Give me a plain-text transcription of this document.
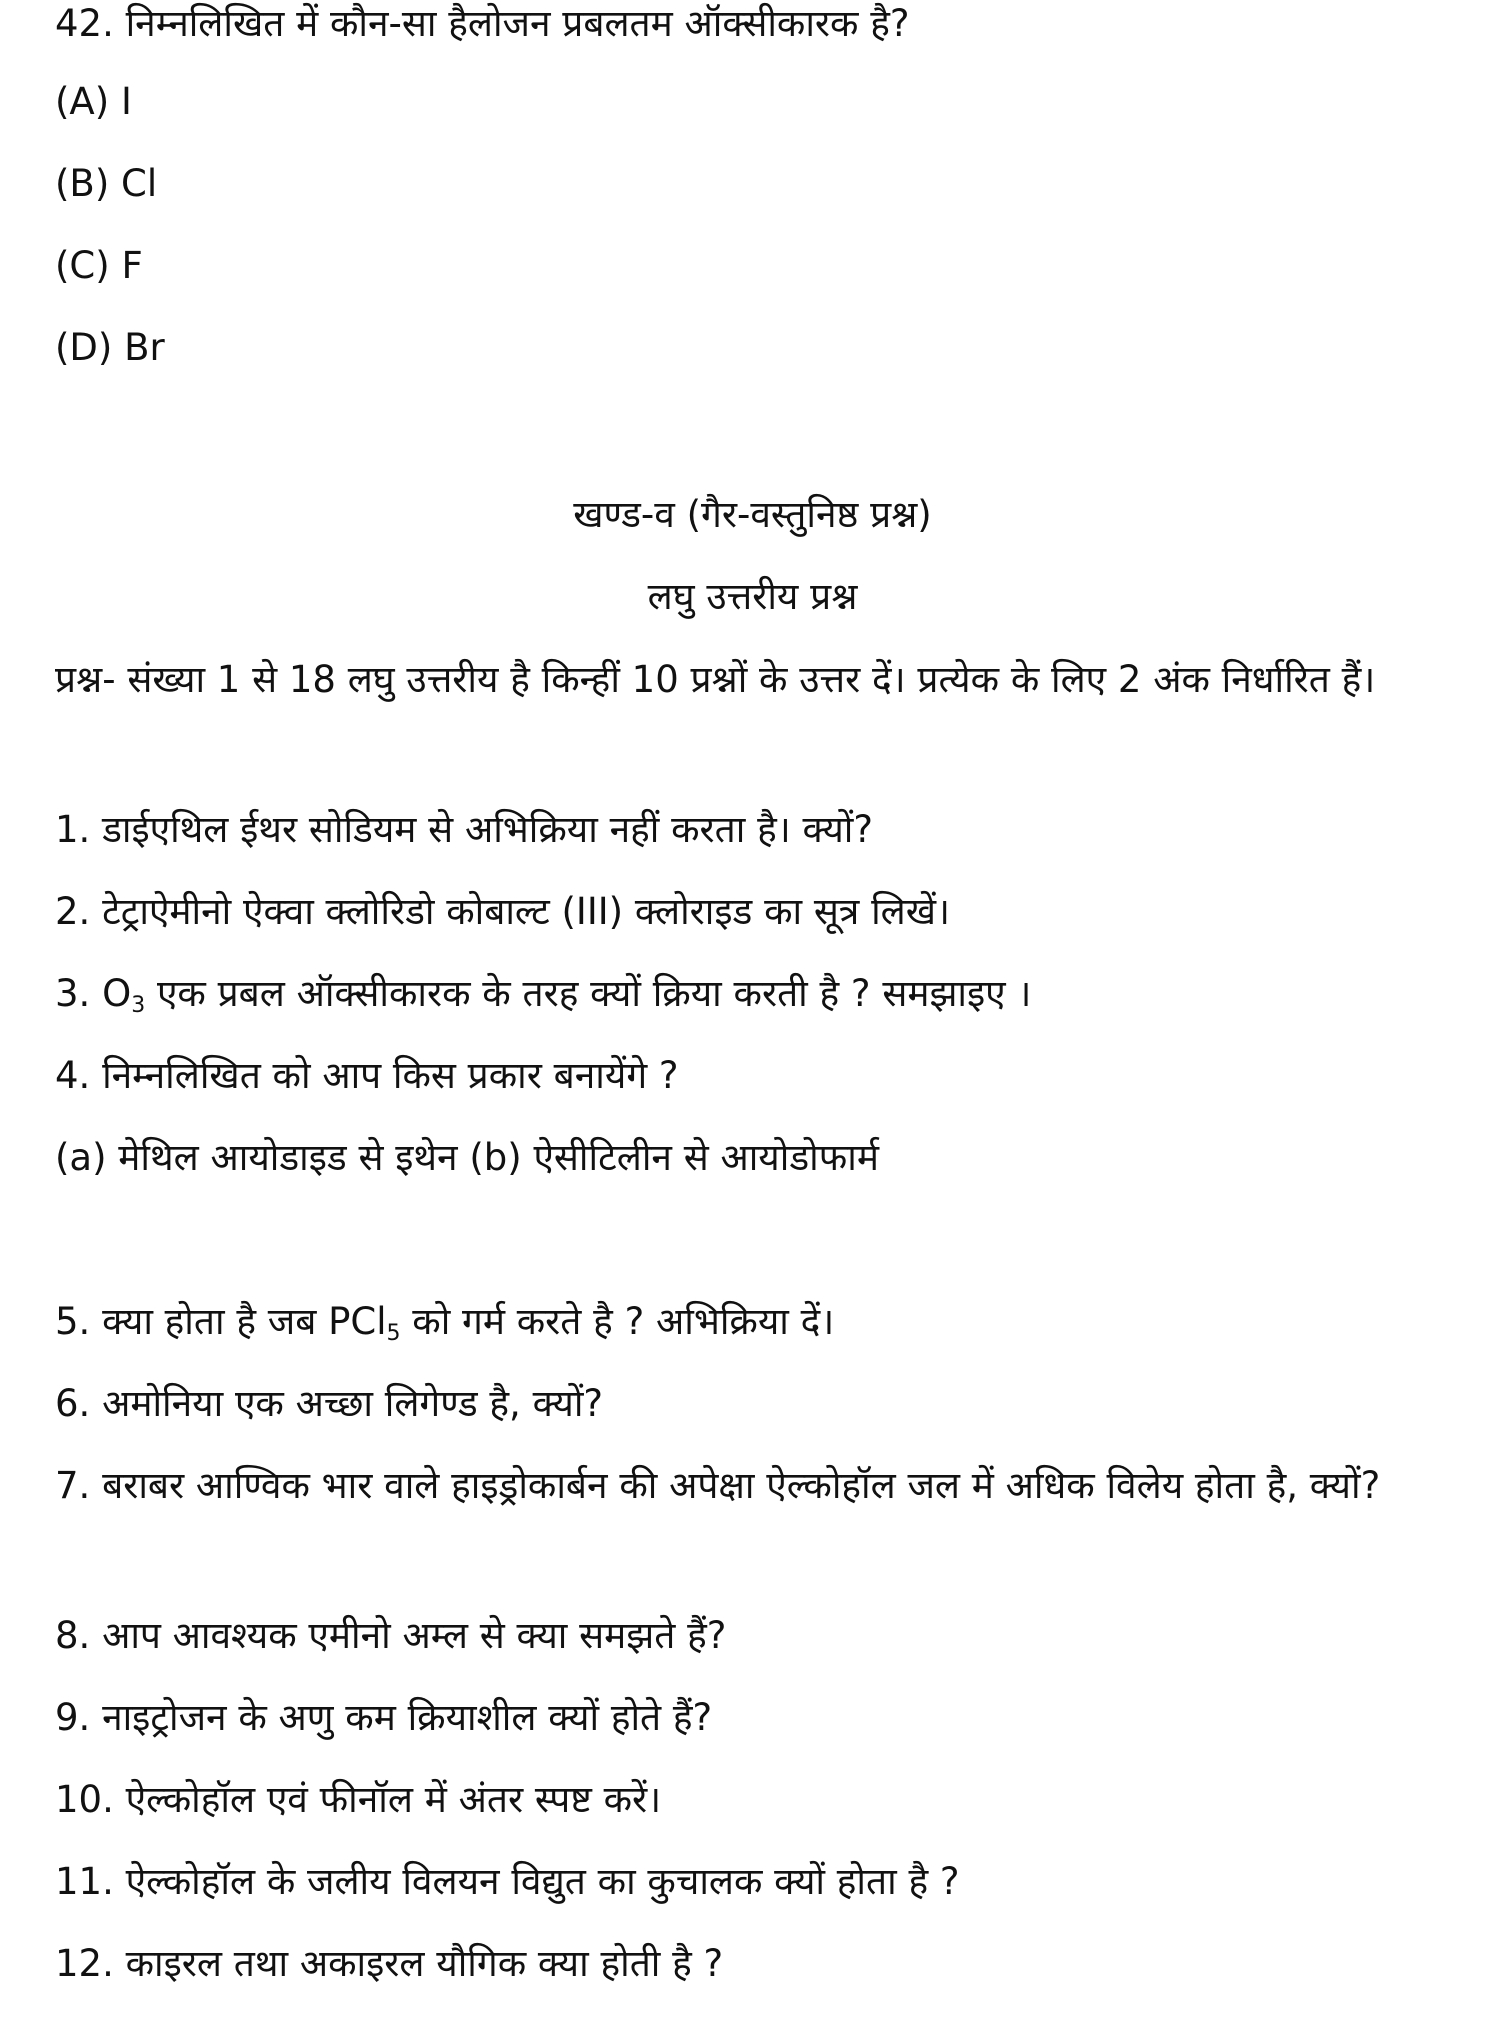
42. निम्नलिखित में कौन-सा हैलोजन प्रबलतम ऑक्सीकारक है?
(A) I
(B) Cl
(C) F
(D) Br
खण्ड-व (गैर-वस्तुनिष्ठ प्रश्न)
लघु उत्तरीय प्रश्न
प्रश्न- संख्या 1 से 18 लघु उत्तरीय है किन्हीं 10 प्रश्नों के उत्तर दें। प्रत्येक के लिए 2 अंक निर्धारित हैं।
1. डाईएथिल ईथर सोडियम से अभिक्रिया नहीं करता है। क्यों?
2. टेट्राऐमीनो ऐक्वा क्लोरिडो कोबाल्ट (III) क्लोराइड का सूत्र लिखें।
3. $O_3$ एक प्रबल ऑक्सीकारक के तरह क्यों क्रिया करती है ? समझाइए ।
4. निम्नलिखित को आप किस प्रकार बनायेंगे ?
(a) मेथिल आयोडाइड से इथेन (b) ऐसीटिलीन से आयोडोफार्म
5. क्या होता है जब PCl$_5$ को गर्म करते है ? अभिक्रिया दें।
6. अमोनिया एक अच्छा लिगेण्ड है, क्यों?
7. बराबर आण्विक भार वाले हाइड्रोकार्बन की अपेक्षा ऐल्कोहॉल जल में अधिक विलेय होता है, क्यों?
8. आप आवश्यक एमीनो अम्ल से क्या समझते हैं?
9. नाइट्रोजन के अणु कम क्रियाशील क्यों होते हैं?
10. ऐल्कोहॉल एवं फीनॉल में अंतर स्पष्ट करें।
11. ऐल्कोहॉल के जलीय विलयन विद्युत का कुचालक क्यों होता है ?
12. काइरल तथा अकाइरल यौगिक क्या होती है ?
